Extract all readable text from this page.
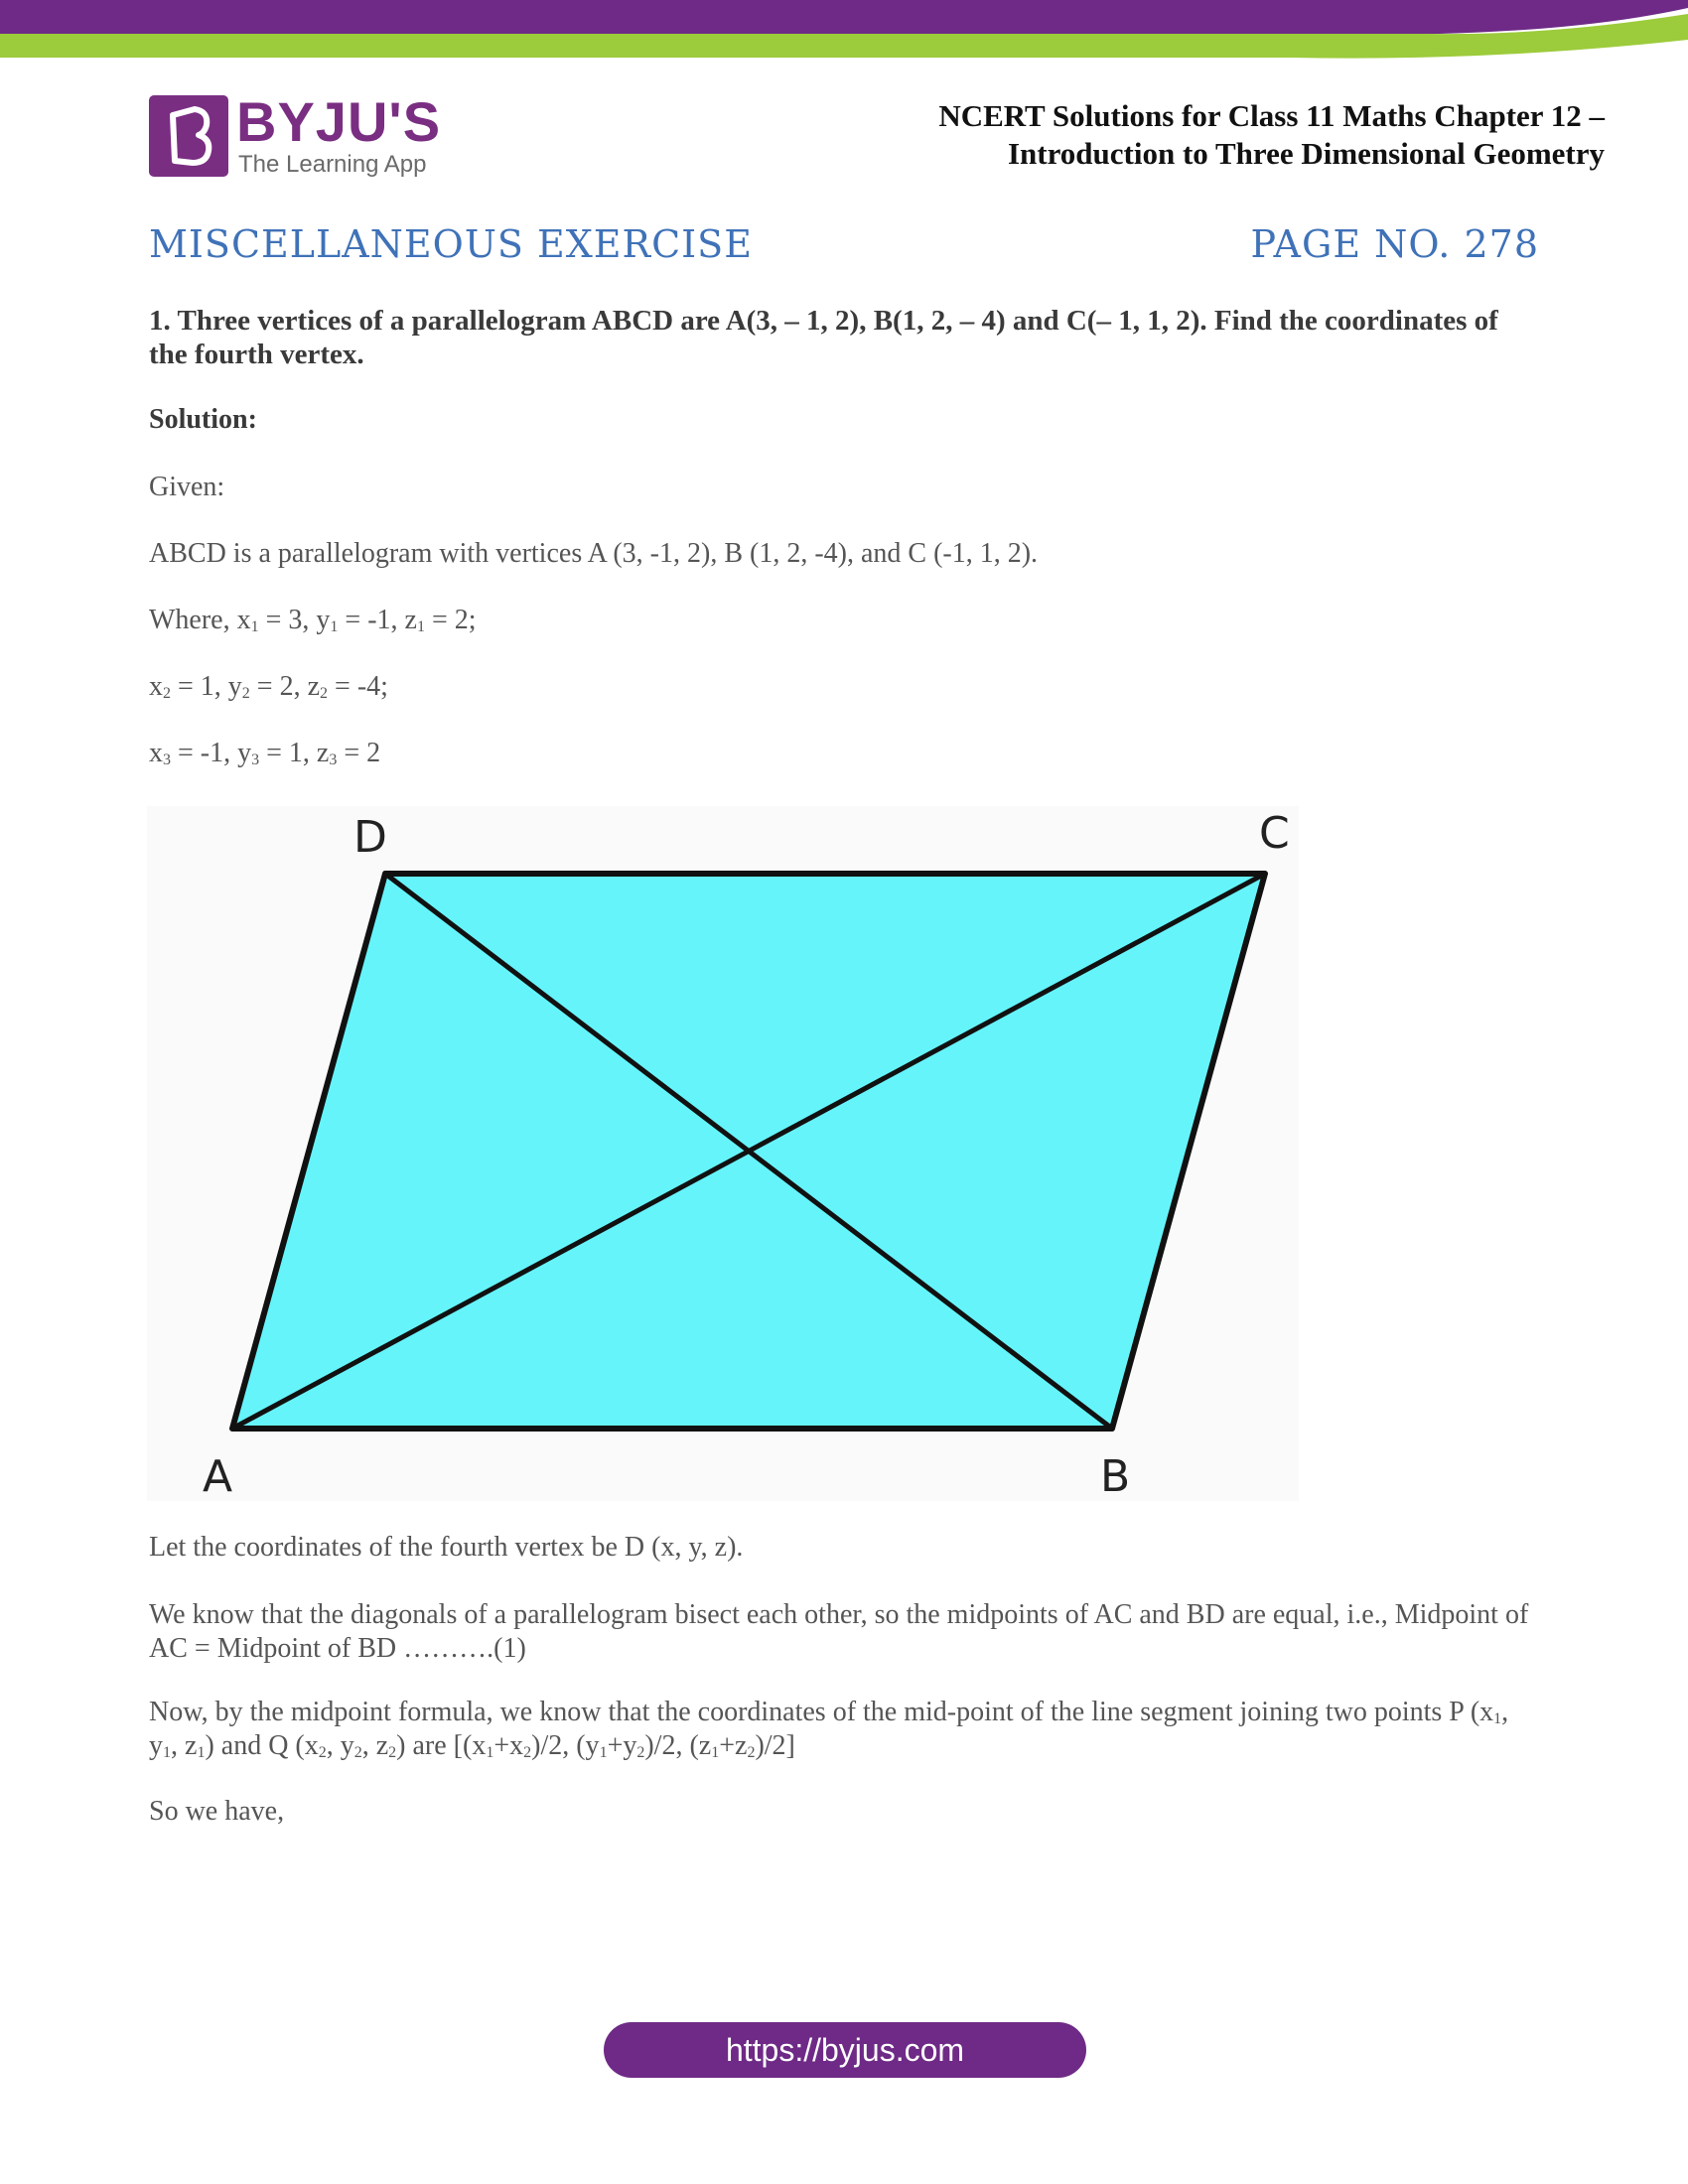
BYJU'S
The Learning App
NCERT Solutions for Class 11 Maths Chapter 12 –
Introduction to Three Dimensional Geometry
MISCELLANEOUS EXERCISE	PAGE NO. 278
1. Three vertices of a parallelogram ABCD are A(3, – 1, 2), B(1, 2, – 4) and C(– 1, 1, 2). Find the coordinates of the fourth vertex.
Solution:
Given:
ABCD is a parallelogram with vertices A (3, -1, 2), B (1, 2, -4), and C (-1, 1, 2).
Where, $x_1 = 3$, $y_1 = -1$, $z_1 = 2$;
$x_2 = 1$, $y_2 = 2$, $z_2 = -4$;
$x_3 = -1$, $y_3 = 1$, $z_3 = 2$
D	C
A	B
Let the coordinates of the fourth vertex be D (x, y, z).
We know that the diagonals of a parallelogram bisect each other, so the midpoints of AC and BD are equal, i.e., Midpoint of AC = Midpoint of BD ……….(1)
Now, by the midpoint formula, we know that the coordinates of the mid-point of the line segment joining two points P ($x_1$, $y_1$, $z_1$) and Q ($x_2$, $y_2$, $z_2$) are [$(x_1+x_2)/2$, $(y_1+y_2)/2$, $(z_1+z_2)/2$]
So we have,
https://byjus.com
